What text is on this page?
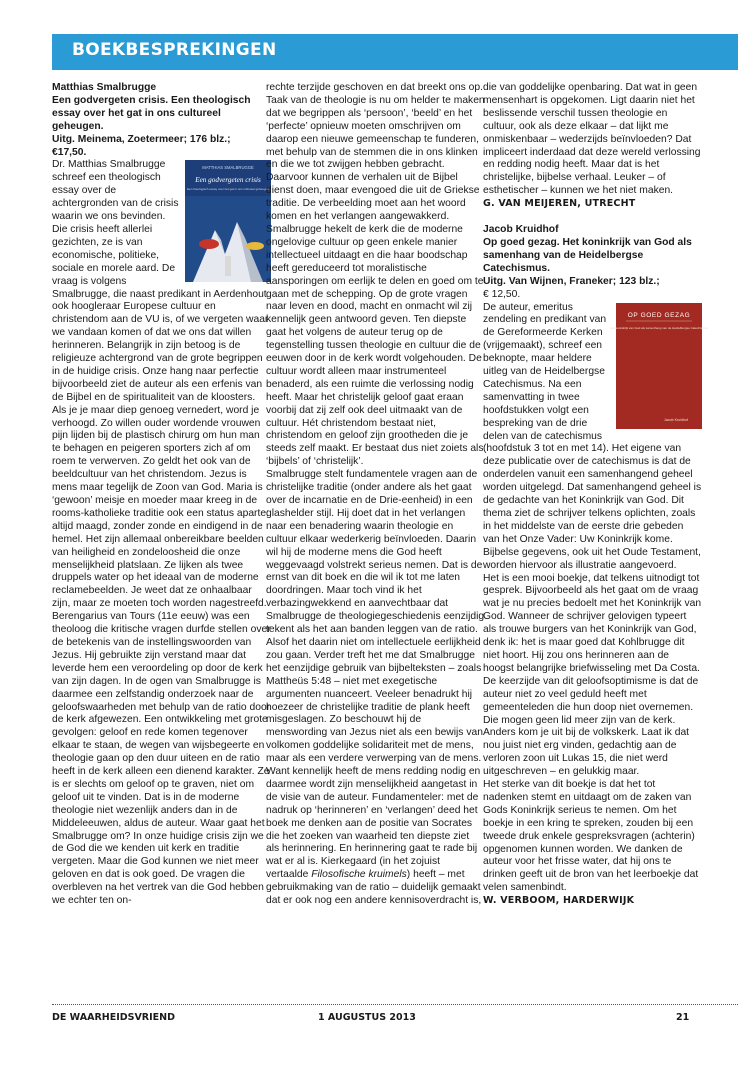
BOEKBESPREKINGEN

Matthias Smalbrugge

Een godvergeten crisis. Een theologisch essay over het gat in ons cultureel geheugen.

Uitg. Meinema, Zoetermeer; 176 blz.;

€17,50.

MATTHIAS SMALBRUGGE
Een godvergeten crisis
Een theologisch essay over het gat in ons cultureel geheugen
Dr. Matthias Smalbrugge schreef een theologisch essay over de achtergronden van de crisis waarin we ons bevinden. Die crisis heeft allerlei gezichten, ze is van economische, politieke, sociale en morele aard. De vraag is volgens Smalbrugge, die naast predikant in Aerdenhout ook hoogleraar Europese cultuur en christendom aan de VU is, of we vergeten waar we vandaan komen of dat we ons dat willen herinneren. Belangrijk in zijn betoog is de religieuze achtergrond van de grote begrippen in de huidige crisis. Onze hang naar perfectie bijvoorbeeld ziet de auteur als een erfenis van de Bijbel en de spiritualiteit van de kloosters. Als je je maar diep genoeg vernedert, word je verhoogd. Zo willen ouder wordende vrouwen pijn lijden bij de plastisch chirurg om hun man te behagen en peigeren sporters zich af om roem te verwerven. Zo geldt het ook van de beeldcultuur van het christendom. Jezus is mens maar tegelijk de Zoon van God. Maria is ‘gewoon’ meisje en moeder maar kreeg in de rooms-katholieke traditie ook een status aparte: altijd maagd, zonder zonde en eindigend in de hemel. Het zijn allemaal onbereikbare beelden van heiligheid en zondeloosheid die onze menselijkheid platslaan. Ze lijken als twee druppels water op het ideaal van de moderne reclamebeelden. Je weet dat ze onhaalbaar zijn, maar ze moeten toch worden nagestreefd.

Berengarius van Tours (11e eeuw) was een theoloog die kritische vragen durfde stellen over de betekenis van de instellingswoorden van Jezus. Hij gebruikte zijn verstand maar dat leverde hem een veroordeling op door de kerk van zijn dagen. In de ogen van Smalbrugge is daarmee een zelfstandig onderzoek naar de geloofswaarheden met behulp van de ratio door de kerk afgewezen. Een ontwikkeling met grote gevolgen: geloof en rede komen tegenover elkaar te staan, de wegen van wijsbegeerte en theologie gaan op den duur uiteen en de ratio heeft in de kerk alleen een dienend karakter. Ze is er slechts om geloof op te graven, niet om geloof uit te vinden. Dat is in de moderne theologie niet wezenlijk anders dan in de Middeleeuwen, aldus de auteur. Waar gaat het Smalbrugge om? In onze huidige crisis zijn we de God die we kenden uit kerk en traditie vergeten. Maar die God kunnen we niet meer geloven en dat is ook goed. De vragen die overbleven na het vertrek van die God hebben we echter ten on-

rechte terzijde geschoven en dat breekt ons op. Taak van de theologie is nu om helder te maken dat we begrippen als ‘persoon’, ‘beeld’ en het ‘perfecte’ opnieuw moeten omschrijven om daarop een nieuwe gemeenschap te funderen, met behulp van de stemmen die in ons klinken en die we tot zwijgen hebben gebracht. Daarvoor kunnen de verhalen uit de Bijbel dienst doen, maar evengoed die uit de Griekse traditie. De verbeelding moet aan het woord komen en het verlangen aangewakkerd.

Smalbrugge hekelt de kerk die de moderne ongelovige cultuur op geen enkele manier intellectueel uitdaagt en die haar boodschap heeft gereduceerd tot moralistische aansporingen om eerlijk te delen en goed om te gaan met de schepping. Op de grote vragen naar leven en dood, macht en onmacht wil zij kennelijk geen antwoord geven. Ten diepste gaat het volgens de auteur terug op de tegenstelling tussen theologie en cultuur die de eeuwen door in de kerk wordt volgehouden. De cultuur wordt alleen maar instrumenteel benaderd, als een ruimte die verlossing nodig heeft. Maar het christelijk geloof gaat eraan voorbij dat zij zelf ook deel uitmaakt van de cultuur. Hét christendom bestaat niet, christendom en geloof zijn grootheden die je steeds zelf maakt. Er bestaat dus niet zoiets als ‘bijbels’ of ‘christelijk’.

Smalbrugge stelt fundamentele vragen aan de christelijke traditie (onder andere als het gaat over de incarnatie en de Drie-eenheid) in een glashelder stijl. Hij doet dat in het verlangen naar een benadering waarin theologie en cultuur elkaar wederkerig beïnvloeden. Daarin wil hij de moderne mens die God heeft weggevaagd volstrekt serieus nemen. Dat is de ernst van dit boek en die wil ik tot me laten doordringen. Maar toch vind ik het verbazingwekkend en aanvechtbaar dat Smalbrugge de theologiegeschiedenis eenzijdig tekent als het aan banden leggen van de ratio. Alsof het daarin niet om intellectuele eerlijkheid zou gaan. Verder treft het me dat Smalbrugge het eenzijdige gebruik van bijbelteksten – zoals Mattheüs 5:48 – niet met exegetische argumenten nuanceert. Veeleer benadrukt hij hoezeer de christelijke traditie de plank heeft misgeslagen. Zo beschouwt hij de menswording van Jezus niet als een bewijs van volkomen goddelijke solidariteit met de mens, maar als een verdere verwerping van de mens. Want kennelijk heeft de mens redding nodig en daarmee wordt zijn menselijkheid aangetast in de visie van de auteur. Fundamenteler: met de nadruk op ‘herinneren’ en ‘verlangen’ deed het boek me denken aan de positie van Socrates die het zoeken van waarheid ten diepste ziet als herinnering. En herinnering gaat te rade bij wat er al is. Kierkegaard (in het zojuist vertaalde Filosofische kruimels) heeft – met gebruikmaking van de ratio – duidelijk gemaakt dat er ook nog een andere kennisoverdracht is,

die van goddelijke openbaring. Dat wat in geen mensenhart is opgekomen. Ligt daarin niet het beslissende verschil tussen theologie en cultuur, ook als deze elkaar – dat lijkt me onmiskenbaar – wederzijds beïnvloeden? Dat impliceert inderdaad dat deze wereld verlossing en redding nodig heeft. Maar dat is het christelijke, bijbelse verhaal. Leuker – of esthetischer – kunnen we het niet maken.

G. VAN MEIJEREN, UTRECHT

Jacob Kruidhof

Op goed gezag. Het koninkrijk van God als samenhang van de Heidelbergse Catechismus.

Uitg. Van Wijnen, Franeker; 123 blz.;

€ 12,50.

OP GOED GEZAG
Het koninkrijk van God als samenhang van de Heidelbergse Catechismus
Jacob Kruidhof
De auteur, emeritus zendeling en predikant van de Gereformeerde Kerken (vrijgemaakt), schreef een beknopte, maar heldere uitleg van de Heidelbergse Catechismus. Na een samenvatting in twee hoofdstukken volgt een bespreking van de drie delen van de catechismus (hoofdstuk 3 tot en met 14). Het eigene van deze publicatie over de catechismus is dat de onderdelen vanuit een samenhangend geheel worden uitgelegd. Dat samenhangend geheel is de gedachte van het Koninkrijk van God. Dit thema ziet de schrijver telkens oplichten, zoals in het middelste van de eerste drie gebeden van het Onze Vader: Uw Koninkrijk kome. Bijbelse gegevens, ook uit het Oude Testament, worden hiervoor als illustratie aangevoerd.

Het is een mooi boekje, dat telkens uitnodigt tot gesprek. Bijvoorbeeld als het gaat om de vraag wat je nu precies bedoelt met het Koninkrijk van God. Wanneer de schrijver gelovigen typeert als trouwe burgers van het Koninkrijk van God, denk ik: het is maar goed dat Kohlbrugge dit niet hoort. Hij zou ons herinneren aan de hoogst belangrijke briefwisseling met Da Costa. De keerzijde van dit geloofsoptimisme is dat de auteur niet zo veel geduld heeft met gemeenteleden die hun doop niet overnemen. Die mogen geen lid meer zijn van de kerk. Anders kom je uit bij de volkskerk. Laat ik dat nou juist niet erg vinden, gedachtig aan de verloren zoon uit Lukas 15, die niet werd uitgeschreven – en gelukkig maar.

Het sterke van dit boekje is dat het tot nadenken stemt en uitdaagt om de zaken van Gods Koninkrijk serieus te nemen. Om het boekje in een kring te spreken, zouden bij een tweede druk enkele gespreksvragen (achterin) opgenomen kunnen worden. We danken de auteur voor het frisse water, dat hij ons te drinken geeft uit de bron van het leerboekje dat velen samenbindt.

W. VERBOOM, HARDERWIJK

DE WAARHEIDSVRIEND	1 AUGUSTUS 2013	21
